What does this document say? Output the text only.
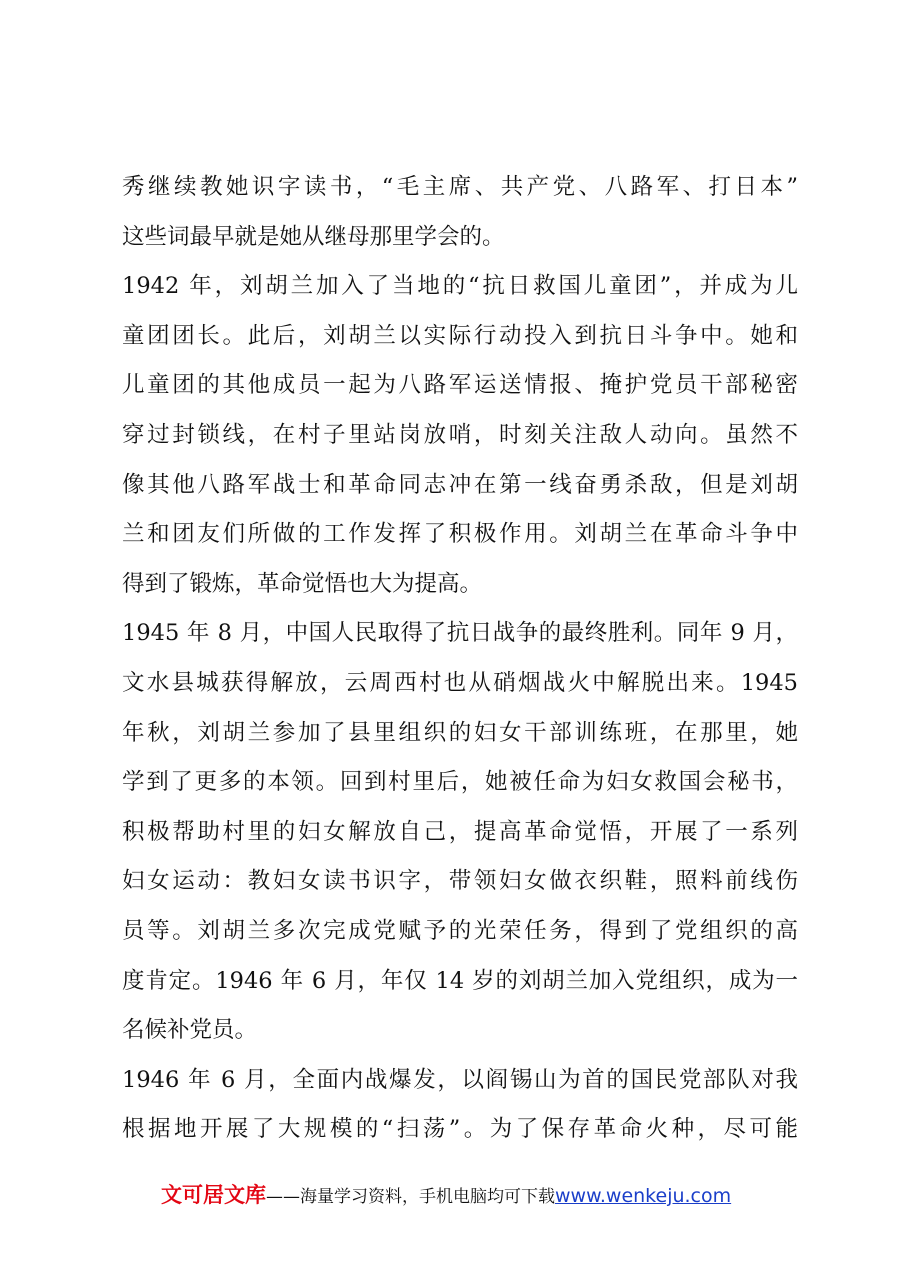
秀继续教她识字读书，“毛主席、共产党、八路军、打日本”
这些词最早就是她从继母那里学会的。
1942 年，刘胡兰加入了当地的“抗日救国儿童团”，并成为儿
童团团长。此后，刘胡兰以实际行动投入到抗日斗争中。她和
儿童团的其他成员一起为八路军运送情报、掩护党员干部秘密
穿过封锁线，在村子里站岗放哨，时刻关注敌人动向。虽然不
像其他八路军战士和革命同志冲在第一线奋勇杀敌，但是刘胡
兰和团友们所做的工作发挥了积极作用。刘胡兰在革命斗争中
得到了锻炼，革命觉悟也大为提高。
1945 年 8 月，中国人民取得了抗日战争的最终胜利。同年 9 月，
文水县城获得解放，云周西村也从硝烟战火中解脱出来。1945
年秋，刘胡兰参加了县里组织的妇女干部训练班，在那里，她
学到了更多的本领。回到村里后，她被任命为妇女救国会秘书，
积极帮助村里的妇女解放自己，提高革命觉悟，开展了一系列
妇女运动：教妇女读书识字，带领妇女做衣织鞋，照料前线伤
员等。刘胡兰多次完成党赋予的光荣任务，得到了党组织的高
度肯定。1946 年 6 月，年仅 14 岁的刘胡兰加入党组织，成为一
名候补党员。
1946 年 6 月，全面内战爆发，以阎锡山为首的国民党部队对我
根据地开展了大规模的“扫荡”。为了保存革命火种，尽可能
文可居文库——海量学习资料，手机电脑均可下载www.wenkeju.com
